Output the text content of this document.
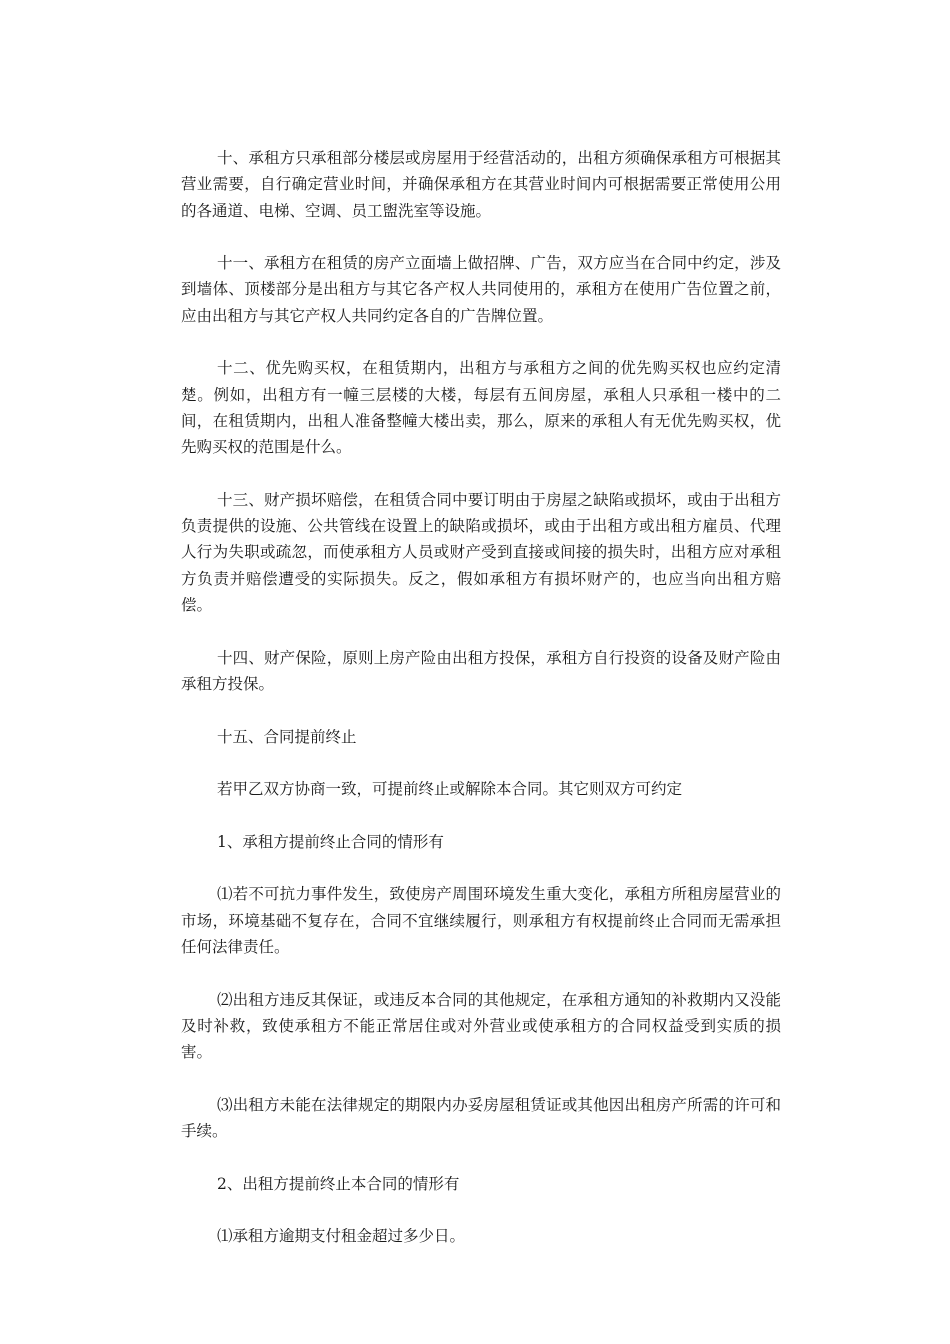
十、承租方只承租部分楼层或房屋用于经营活动的，出租方须确保承租方可根据其营业需要，自行确定营业时间，并确保承租方在其营业时间内可根据需要正常使用公用的各通道、电梯、空调、员工盥洗室等设施。

十一、承租方在租赁的房产立面墙上做招牌、广告，双方应当在合同中约定，涉及到墙体、顶楼部分是出租方与其它各产权人共同使用的，承租方在使用广告位置之前，应由出租方与其它产权人共同约定各自的广告牌位置。

十二、优先购买权，在租赁期内，出租方与承租方之间的优先购买权也应约定清楚。例如，出租方有一幢三层楼的大楼，每层有五间房屋，承租人只承租一楼中的二间，在租赁期内，出租人准备整幢大楼出卖，那么，原来的承租人有无优先购买权，优先购买权的范围是什么。

十三、财产损坏赔偿，在租赁合同中要订明由于房屋之缺陷或损坏，或由于出租方负责提供的设施、公共管线在设置上的缺陷或损坏，或由于出租方或出租方雇员、代理人行为失职或疏忽，而使承租方人员或财产受到直接或间接的损失时，出租方应对承租方负责并赔偿遭受的实际损失。反之，假如承租方有损坏财产的，也应当向出租方赔偿。

十四、财产保险，原则上房产险由出租方投保，承租方自行投资的设备及财产险由承租方投保。

十五、合同提前终止

若甲乙双方协商一致，可提前终止或解除本合同。其它则双方可约定

1、承租方提前终止合同的情形有

⑴若不可抗力事件发生，致使房产周围环境发生重大变化，承租方所租房屋营业的市场，环境基础不复存在，合同不宜继续履行，则承租方有权提前终止合同而无需承担任何法律责任。

⑵出租方违反其保证，或违反本合同的其他规定，在承租方通知的补救期内又没能及时补救，致使承租方不能正常居住或对外营业或使承租方的合同权益受到实质的损害。

⑶出租方未能在法律规定的期限内办妥房屋租赁证或其他因出租房产所需的许可和手续。

2、出租方提前终止本合同的情形有

⑴承租方逾期支付租金超过多少日。
